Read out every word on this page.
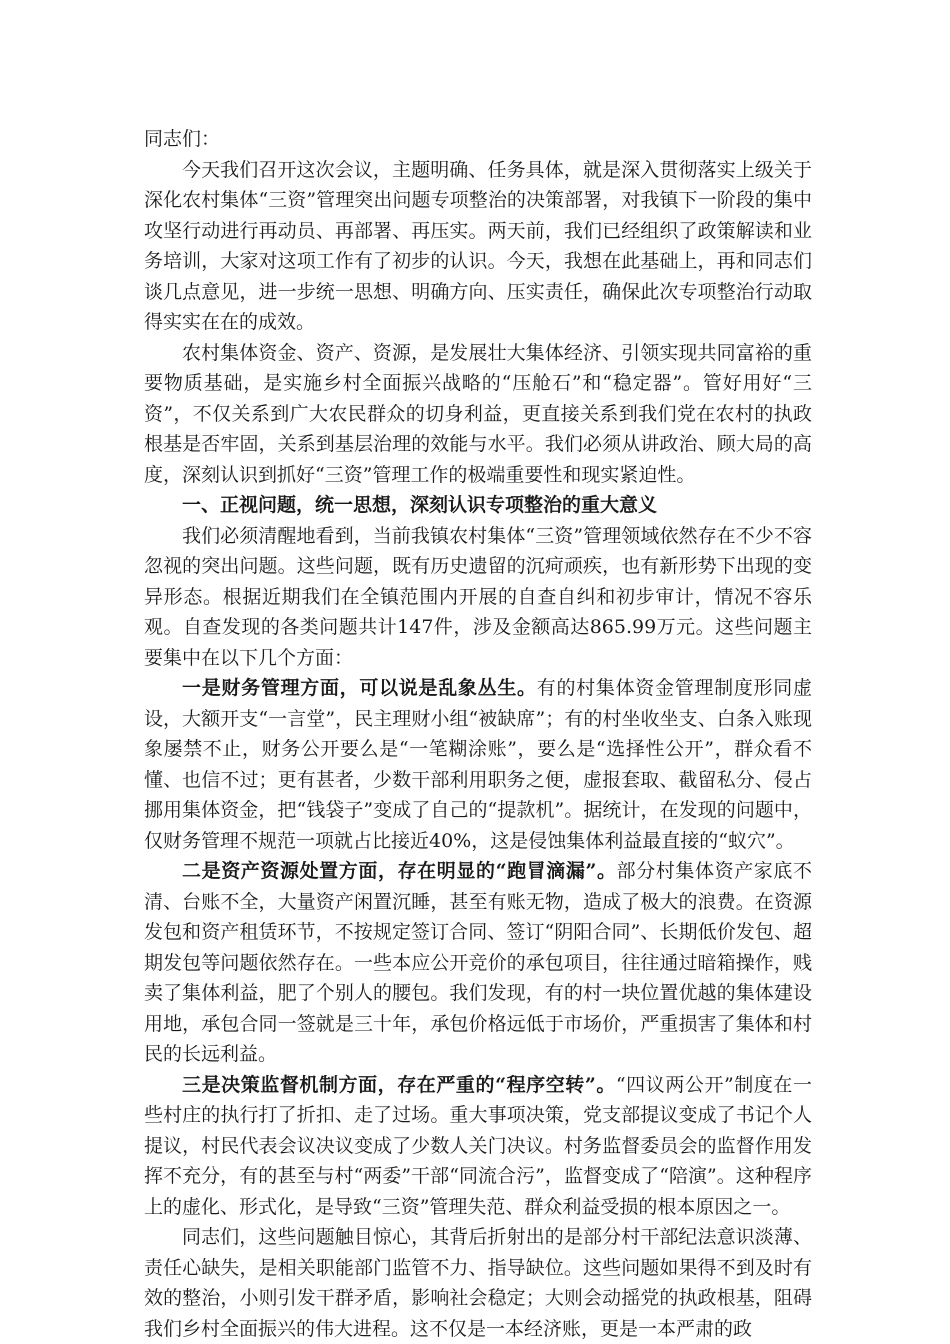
同志们：

今天我们召开这次会议，主题明确、任务具体，就是深入贯彻落实上级关于深化农村集体“三资”管理突出问题专项整治的决策部署，对我镇下一阶段的集中攻坚行动进行再动员、再部署、再压实。两天前，我们已经组织了政策解读和业务培训，大家对这项工作有了初步的认识。今天，我想在此基础上，再和同志们谈几点意见，进一步统一思想、明确方向、压实责任，确保此次专项整治行动取得实实在在的成效。

农村集体资金、资产、资源，是发展壮大集体经济、引领实现共同富裕的重要物质基础，是实施乡村全面振兴战略的“压舱石”和“稳定器”。管好用好“三资”，不仅关系到广大农民群众的切身利益，更直接关系到我们党在农村的执政根基是否牢固，关系到基层治理的效能与水平。我们必须从讲政治、顾大局的高度，深刻认识到抓好“三资”管理工作的极端重要性和现实紧迫性。

一、正视问题，统一思想，深刻认识专项整治的重大意义

我们必须清醒地看到，当前我镇农村集体“三资”管理领域依然存在不少不容忽视的突出问题。这些问题，既有历史遗留的沉疴顽疾，也有新形势下出现的变异形态。根据近期我们在全镇范围内开展的自查自纠和初步审计，情况不容乐观。自查发现的各类问题共计147件，涉及金额高达865.99万元。这些问题主要集中在以下几个方面：

一是财务管理方面，可以说是乱象丛生。有的村集体资金管理制度形同虚设，大额开支“一言堂”，民主理财小组“被缺席”；有的村坐收坐支、白条入账现象屡禁不止，财务公开要么是“一笔糊涂账”，要么是“选择性公开”，群众看不懂、也信不过；更有甚者，少数干部利用职务之便，虚报套取、截留私分、侵占挪用集体资金，把“钱袋子”变成了自己的“提款机”。据统计，在发现的问题中，仅财务管理不规范一项就占比接近40%，这是侵蚀集体利益最直接的“蚁穴”。

二是资产资源处置方面，存在明显的“跑冒滴漏”。部分村集体资产家底不清、台账不全，大量资产闲置沉睡，甚至有账无物，造成了极大的浪费。在资源发包和资产租赁环节，不按规定签订合同、签订“阴阳合同”、长期低价发包、超期发包等问题依然存在。一些本应公开竞价的承包项目，往往通过暗箱操作，贱卖了集体利益，肥了个别人的腰包。我们发现，有的村一块位置优越的集体建设用地，承包合同一签就是三十年，承包价格远低于市场价，严重损害了集体和村民的长远利益。

三是决策监督机制方面，存在严重的“程序空转”。“四议两公开”制度在一些村庄的执行打了折扣、走了过场。重大事项决策，党支部提议变成了书记个人提议，村民代表会议决议变成了少数人关门决议。村务监督委员会的监督作用发挥不充分，有的甚至与村“两委”干部“同流合污”，监督变成了“陪演”。这种程序上的虚化、形式化，是导致“三资”管理失范、群众利益受损的根本原因之一。

同志们，这些问题触目惊心，其背后折射出的是部分村干部纪法意识淡薄、责任心缺失，是相关职能部门监管不力、指导缺位。这些问题如果得不到及时有效的整治，小则引发干群矛盾，影响社会稳定；大则会动摇党的执政根基，阻碍我们乡村全面振兴的伟大进程。这不仅是一本经济账，更是一本严肃的政
